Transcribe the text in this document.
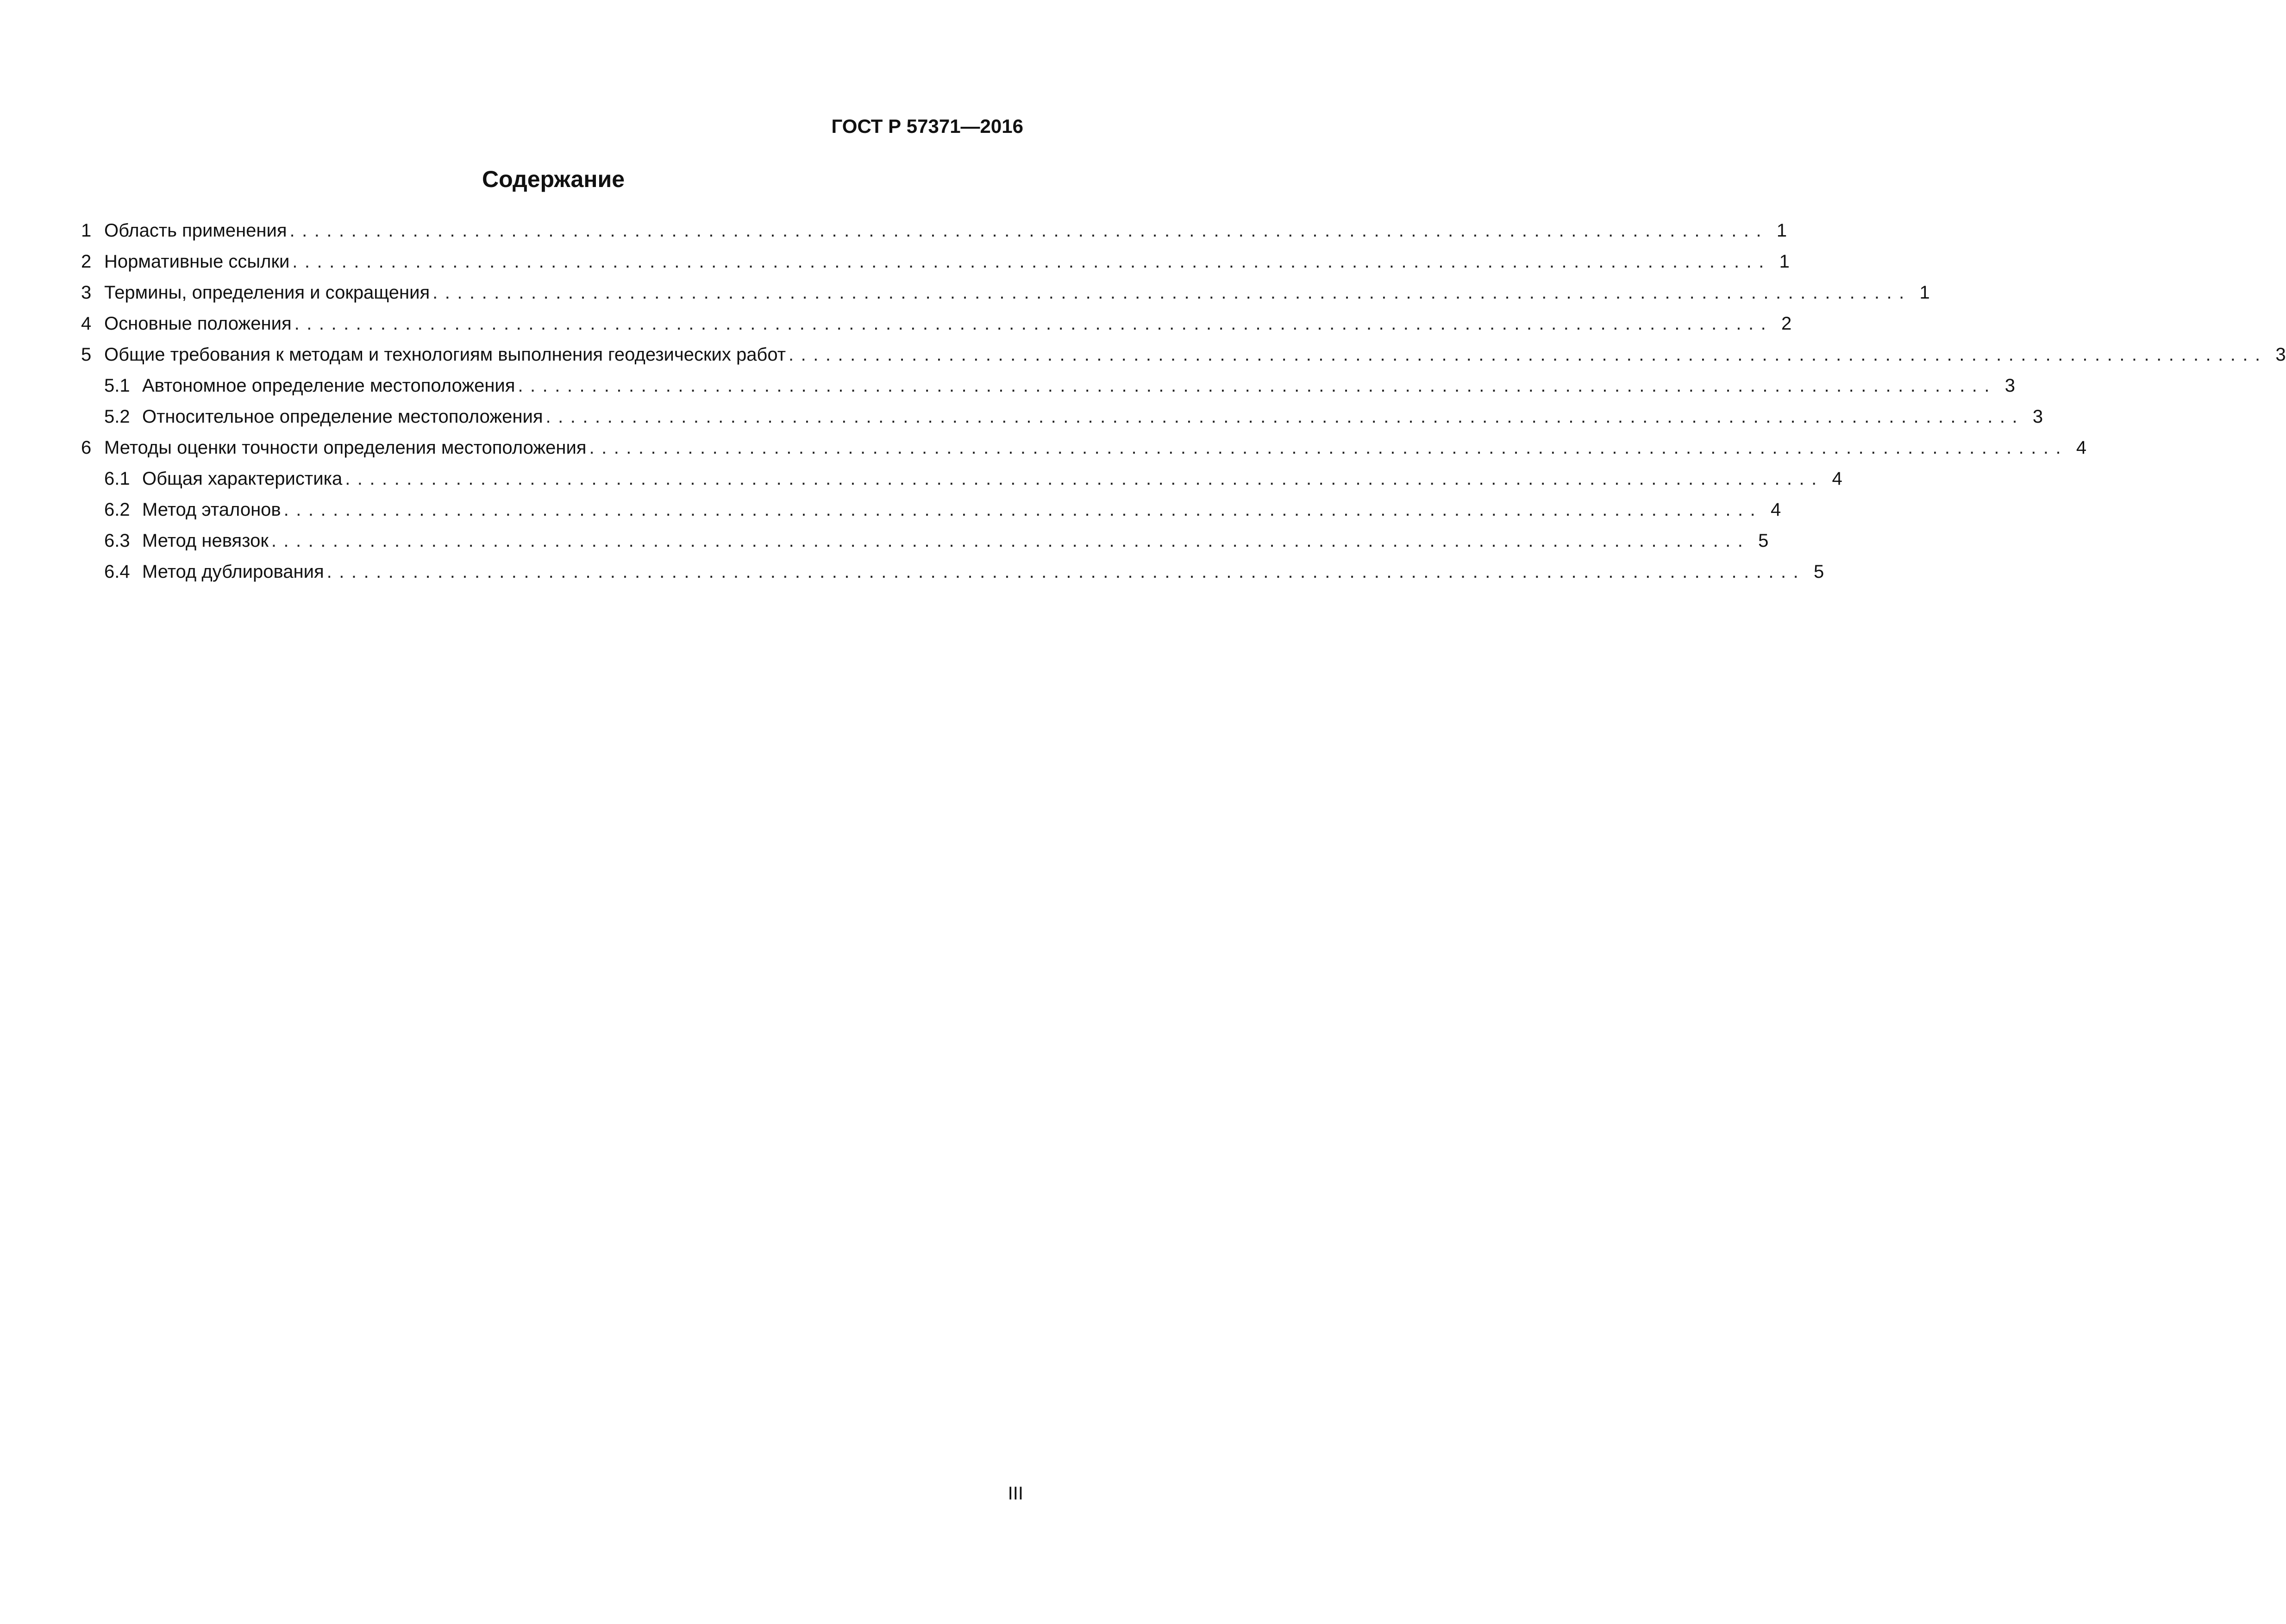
ГОСТ Р 57371—2016
Содержание
1 Область применения ........................................................................................................................ 1
2 Нормативные ссылки ........................................................................................................................ 1
3 Термины, определения и сокращения ........................................................................................................................ 1
4 Основные положения ........................................................................................................................ 2
5 Общие требования к методам и технологиям выполнения геодезических работ ........................................................................................................................ 3
5.1 Автономное определение местоположения ........................................................................................................................ 3
5.2 Относительное определение местоположения ........................................................................................................................ 3
6 Методы оценки точности определения местоположения ........................................................................................................................ 4
6.1 Общая характеристика ........................................................................................................................ 4
6.2 Метод эталонов ........................................................................................................................ 4
6.3 Метод невязок ........................................................................................................................ 5
6.4 Метод дублирования ........................................................................................................................ 5
III
